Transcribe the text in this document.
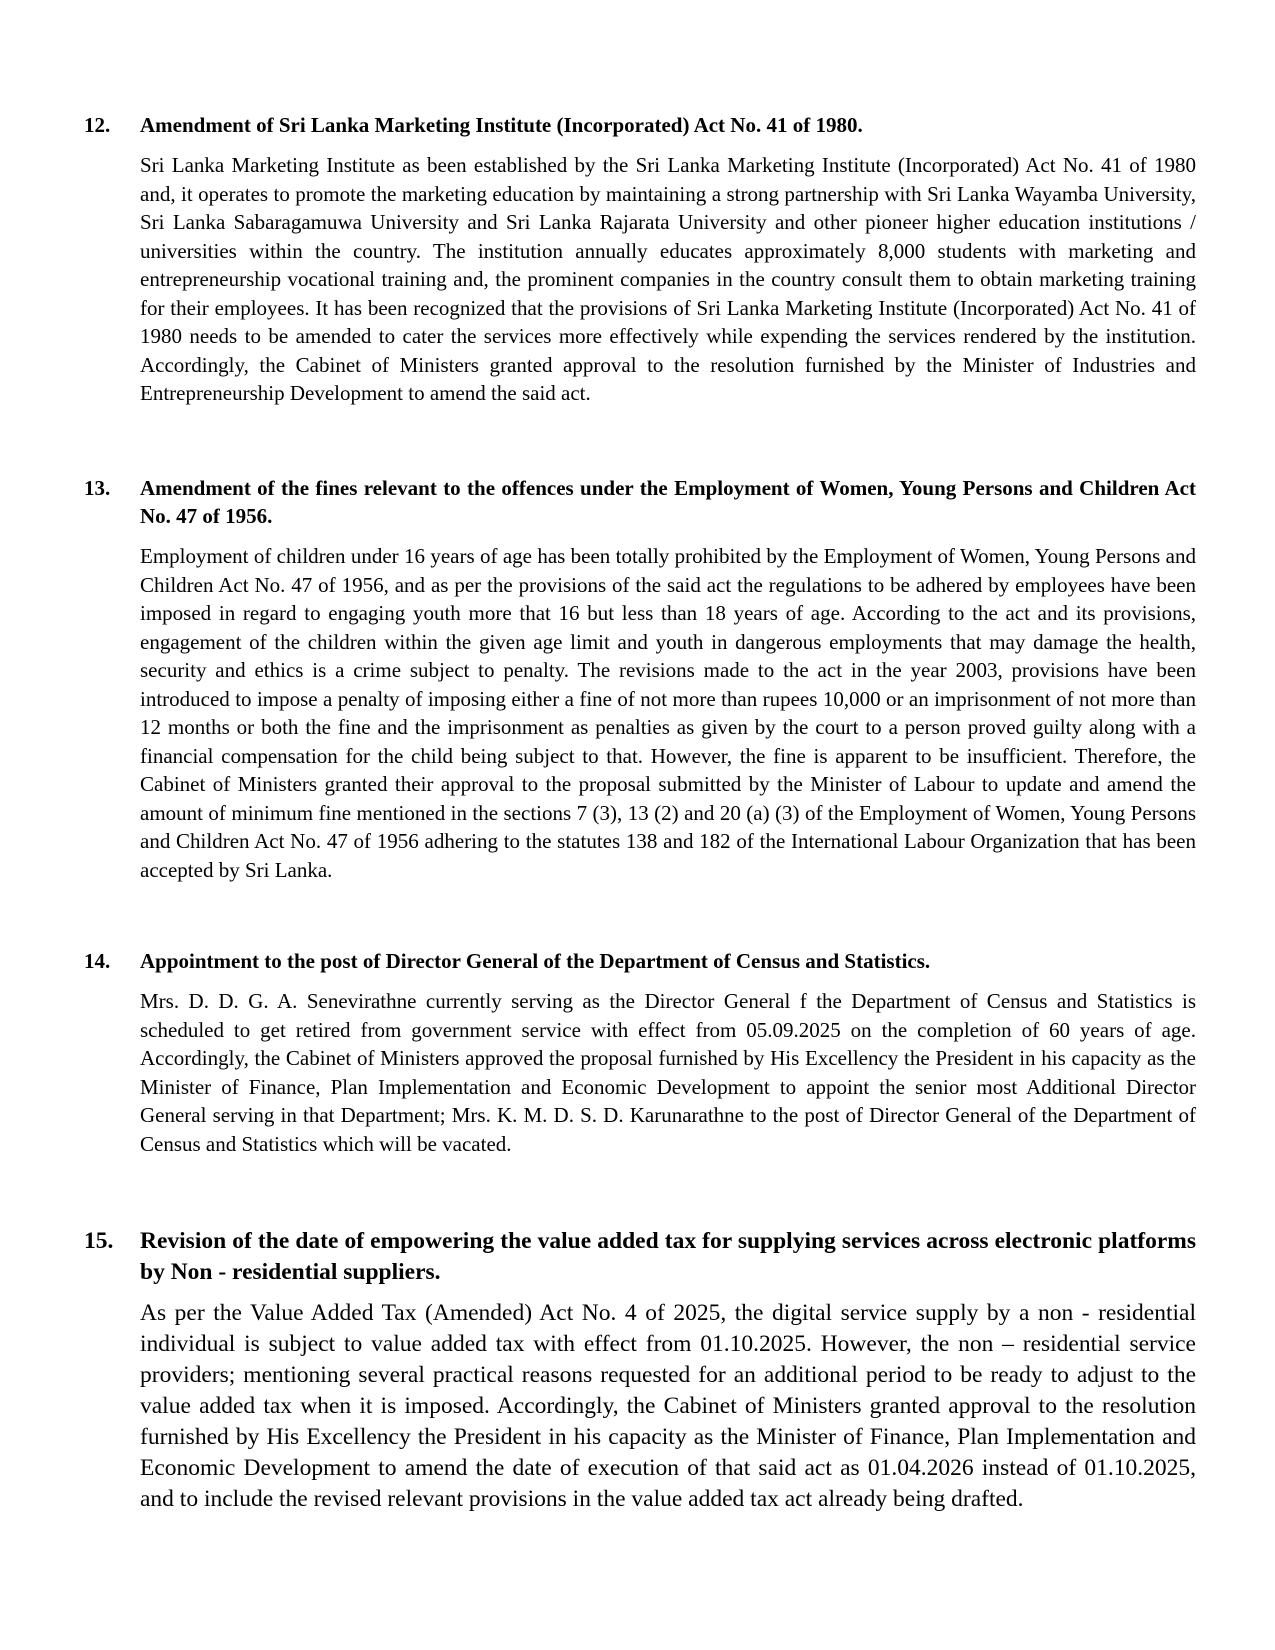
12. Amendment of Sri Lanka Marketing Institute (Incorporated) Act No. 41 of 1980.
Sri Lanka Marketing Institute as been established by the Sri Lanka Marketing Institute (Incorporated) Act No. 41 of 1980 and, it operates to promote the marketing education by maintaining a strong partnership with Sri Lanka Wayamba University, Sri Lanka Sabaragamuwa University and Sri Lanka Rajarata University and other pioneer higher education institutions / universities within the country. The institution annually educates approximately 8,000 students with marketing and entrepreneurship vocational training and, the prominent companies in the country consult them to obtain marketing training for their employees. It has been recognized that the provisions of Sri Lanka Marketing Institute (Incorporated) Act No. 41 of 1980 needs to be amended to cater the services more effectively while expending the services rendered by the institution. Accordingly, the Cabinet of Ministers granted approval to the resolution furnished by the Minister of Industries and Entrepreneurship Development to amend the said act.
13. Amendment of the fines relevant to the offences under the Employment of Women, Young Persons and Children Act No. 47 of 1956.
Employment of children under 16 years of age has been totally prohibited by the Employment of Women, Young Persons and Children Act No. 47 of 1956, and as per the provisions of the said act the regulations to be adhered by employees have been imposed in regard to engaging youth more that 16 but less than 18 years of age. According to the act and its provisions, engagement of the children within the given age limit and youth in dangerous employments that may damage the health, security and ethics is a crime subject to penalty. The revisions made to the act in the year 2003, provisions have been introduced to impose a penalty of imposing either a fine of not more than rupees 10,000 or an imprisonment of not more than 12 months or both the fine and the imprisonment as penalties as given by the court to a person proved guilty along with a financial compensation for the child being subject to that. However, the fine is apparent to be insufficient. Therefore, the Cabinet of Ministers granted their approval to the proposal submitted by the Minister of Labour to update and amend the amount of minimum fine mentioned in the sections 7 (3), 13 (2) and 20 (a) (3) of the Employment of Women, Young Persons and Children Act No. 47 of 1956 adhering to the statutes 138 and 182 of the International Labour Organization that has been accepted by Sri Lanka.
14. Appointment to the post of Director General of the Department of Census and Statistics.
Mrs. D. D. G. A. Senevirathne currently serving as the Director General f the Department of Census and Statistics is scheduled to get retired from government service with effect from 05.09.2025 on the completion of 60 years of age. Accordingly, the Cabinet of Ministers approved the proposal furnished by His Excellency the President in his capacity as the Minister of Finance, Plan Implementation and Economic Development to appoint the senior most Additional Director General serving in that Department; Mrs. K. M. D. S. D. Karunarathne to the post of Director General of the Department of Census and Statistics which will be vacated.
15. Revision of the date of empowering the value added tax for supplying services across electronic platforms by Non - residential suppliers.
As per the Value Added Tax (Amended) Act No. 4 of 2025, the digital service supply by a non - residential individual is subject to value added tax with effect from 01.10.2025. However, the non – residential service providers; mentioning several practical reasons requested for an additional period to be ready to adjust to the value added tax when it is imposed. Accordingly, the Cabinet of Ministers granted approval to the resolution furnished by His Excellency the President in his capacity as the Minister of Finance, Plan Implementation and Economic Development to amend the date of execution of that said act as 01.04.2026 instead of 01.10.2025, and to include the revised relevant provisions in the value added tax act already being drafted.
